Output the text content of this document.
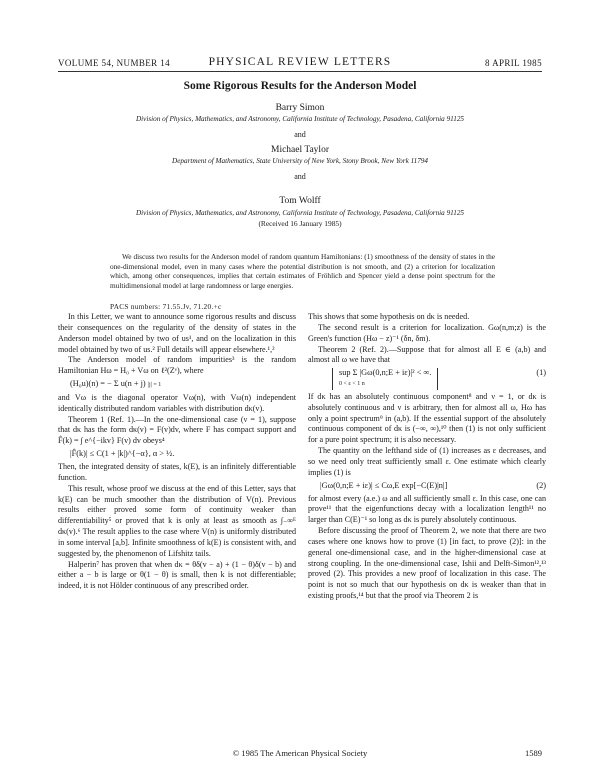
VOLUME 54, NUMBER 14	PHYSICAL REVIEW LETTERS	8 APRIL 1985
Some Rigorous Results for the Anderson Model
Barry Simon
Division of Physics, Mathematics, and Astronomy, California Institute of Technology, Pasadena, California 91125
and
Michael Taylor
Department of Mathematics, State University of New York, Stony Brook, New York 11794
and
Tom Wolff
Division of Physics, Mathematics, and Astronomy, California Institute of Technology, Pasadena, California 91125
(Received 16 January 1985)
We discuss two results for the Anderson model of random quantum Hamiltonians: (1) smoothness of the density of states in the one-dimensional model, even in many cases where the potential distribution is not smooth, and (2) a criterion for localization which, among other consequences, implies that certain estimates of Fröhlich and Spencer yield a dense point spectrum for the multidimensional model at large randomness or large energies.
PACS numbers: 71.55.Jv, 71.20.+c

In this Letter, we want to announce some rigorous results and discuss their consequences on the regularity of the density of states in the Anderson model obtained by two of us¹, and on the localization in this model obtained by two of us.² Full details will appear elsewhere.¹,²

The Anderson model of random impurities³ is the random Hamiltonian Hω = H₀ + Vω on ℓ²(Zᵛ), where

(H₀u)(n) = − Σ u(n + j) |j| = 1

and Vω is the diagonal operator Vω(n), with Vω(n) independent identically distributed random variables with distribution dκ(v).

Theorem 1 (Ref. 1).—In the one-dimensional case (ν = 1), suppose that dκ has the form dκ(v) = F(v)dv, where F has compact support and F̂(k) = ∫ e^{−ikv} F(v) dv obeys⁴

|F̂(k)| ≤ C(1 + |k|)^{−α}, α > ½.

Then, the integrated density of states, k(E), is an infinitely differentiable function.

This result, whose proof we discuss at the end of this Letter, says that k(E) can be much smoother than the distribution of V(n). Previous results either proved some form of continuity weaker than differentiability⁵ or proved that k is only at least as smooth as ∫₋∞ᴱ dκ(v).⁶ The result applies to the case where V(n) is uniformly distributed in some interval [a,b]. Infinite smoothness of k(E) is consistent with, and suggested by, the phenomenon of Lifshitz tails.

Halperin⁷ has proven that when dκ = θδ(v − a) + (1 − θ)δ(v − b) and either a − b is large or θ(1 − θ) is small, then k is not differentiable; indeed, it is not Hölder continuous of any prescribed order.

This shows that some hypothesis on dκ is needed.

The second result is a criterion for localization. Gω(n,m;z) is the Green's function (Hω − z)⁻¹ (δn, δm).

Theorem 2 (Ref. 2).—Suppose that for almost all E ∈ (a,b) and almost all ω we have that

sup Σ |Gω(0,n;E + iε)|² < ∞.
0 < ε < 1 n
(1)

If dκ has an absolutely continuous component⁸ and ν = 1, or dκ is absolutely continuous and ν is arbitrary, then for almost all ω, Hω has only a point spectrum⁹ in (a,b). If the essential support of the absolutely continuous component of dκ is (−∞, ∞),¹⁰ then (1) is not only sufficient for a pure point spectrum; it is also necessary.

The quantity on the lefthand side of (1) increases as ε decreases, and so we need only treat sufficiently small ε. One estimate which clearly implies (1) is

|Gω(0,n;E + iε)| ≤ Cω,E exp[−C(E)|n|]	(2)

for almost every (a.e.) ω and all sufficiently small ε. In this case, one can prove¹¹ that the eigenfunctions decay with a localization length¹¹ no larger than C(E)⁻¹ so long as dκ is purely absolutely continuous.

Before discussing the proof of Theorem 2, we note that there are two cases where one knows how to prove (1) [in fact, to prove (2)]: in the general one-dimensional case, and in the higher-dimensional case at strong coupling. In the one-dimensional case, Ishii and Delft-Simon¹²,¹³ proved (2). This provides a new proof of localization in this case. The point is not so much that our hypothesis on dκ is weaker than that in existing proofs,¹⁴ but that the proof via Theorem 2 is

© 1985 The American Physical Society	1589
